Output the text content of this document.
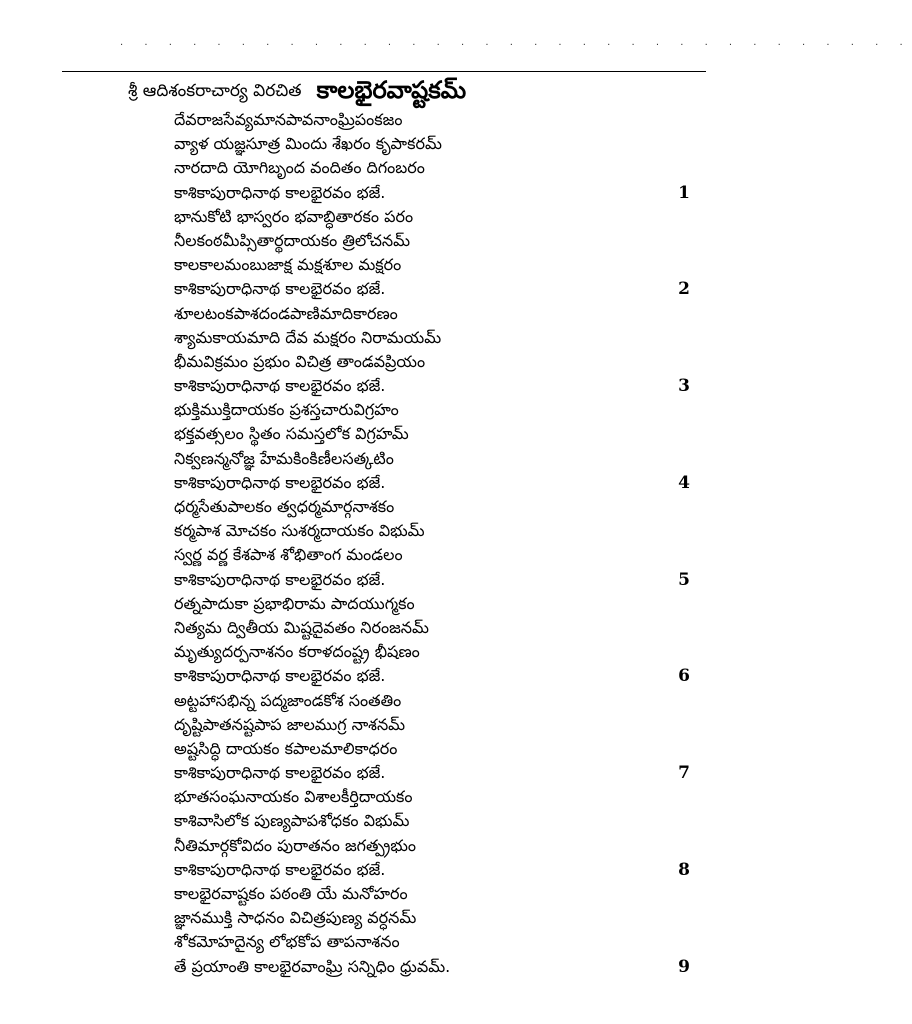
· · · · · · · · · · · · · · · · · · · · · · · · · · · · · · · · ·
శ్రీ ఆదిశంకరాచార్య విరచిత కాలభైరవాష్టకమ్
దేవరాజసేవ్యమానపావనాంఘ్రిపంకజం
వ్యాళ యజ్ఞసూత్ర మిందు శేఖరం కృపాకరమ్
నారదాది యోగిబృంద వందితం దిగంబరం
కాశికాపురాధినాథ కాలభైరవం భజే.	1
భానుకోటి భాస్వరం భవాబ్ధితారకం పరం
నీలకంఠమీప్సితార్థదాయకం త్రిలోచనమ్
కాలకాలమంబుజాక్ష మక్షశూల మక్షరం
కాశికాపురాధినాథ కాలభైరవం భజే.	2
శూలటంకపాశదండపాణిమాదికారణం
శ్యామకాయమాది దేవ మక్షరం నిరామయమ్
భీమవిక్రమం ప్రభుం విచిత్ర తాండవప్రియం
కాశికాపురాధినాథ కాలభైరవం భజే.	3
భుక్తిముక్తిదాయకం ప్రశస్తచారువిగ్రహం
భక్తవత్సలం స్థితం సమస్తలోక విగ్రహమ్
నిక్వణన్మనోజ్ఞ హేమకింకిణీలసత్కటిం
కాశికాపురాధినాథ కాలభైరవం భజే.	4
ధర్మసేతుపాలకం త్వధర్మమార్గనాశకం
కర్మపాశ మోచకం సుశర్మదాయకం విభుమ్
స్వర్ణ వర్ణ కేశపాశ శోభితాంగ మండలం
కాశికాపురాధినాథ కాలభైరవం భజే.	5
రత్నపాదుకా ప్రభాభిరామ పాదయుగ్మకం
నిత్యమ ద్వితీయ మిష్టదైవతం నిరంజనమ్
మృత్యుదర్పనాశనం కరాళదంష్ట్ర భీషణం
కాశికాపురాధినాథ కాలభైరవం భజే.	6
అట్టహాసభిన్న పద్మజాండకోశ సంతతిం
దృష్టిపాతనష్టపాప జాలముగ్ర నాశనమ్
అష్టసిద్ధి దాయకం కపాలమాలికాధరం
కాశికాపురాధినాథ కాలభైరవం భజే.	7
భూతసంఘనాయకం విశాలకీర్తిదాయకం
కాశివాసిలోక పుణ్యపాపశోధకం విభుమ్
నీతిమార్గకోవిదం పురాతనం జగత్ప్రభుం
కాశికాపురాధినాథ కాలభైరవం భజే.	8
కాలభైరవాష్టకం పఠంతి యే మనోహరం
జ్ఞానముక్తి సాధనం విచిత్రపుణ్య వర్ధనమ్
శోకమోహదైన్య లోభకోప తాపనాశనం
తే ప్రయాంతి కాలభైరవాంఘ్రి సన్నిధిం ధ్రువమ్.	9
